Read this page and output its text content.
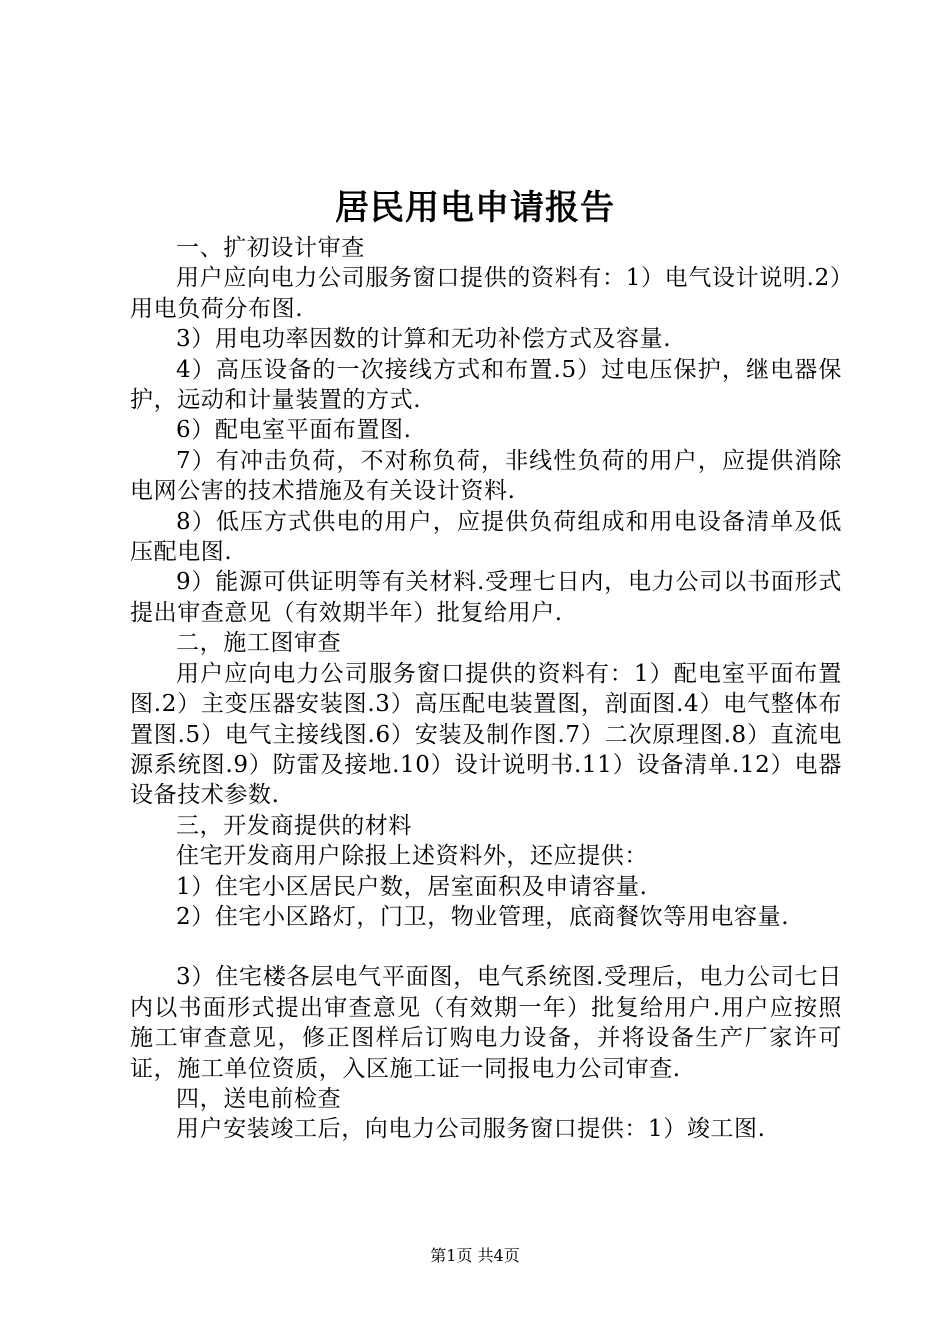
居民用电申请报告

一、扩初设计审查

用户应向电力公司服务窗口提供的资料有：1）电气设计说明.2）用电负荷分布图.

3）用电功率因数的计算和无功补偿方式及容量.

4）高压设备的一次接线方式和布置.5）过电压保护，继电器保护，远动和计量装置的方式.

6）配电室平面布置图.

7）有冲击负荷，不对称负荷，非线性负荷的用户，应提供消除电网公害的技术措施及有关设计资料.

8）低压方式供电的用户，应提供负荷组成和用电设备清单及低压配电图.

9）能源可供证明等有关材料.受理七日内，电力公司以书面形式提出审查意见（有效期半年）批复给用户.

二，施工图审查

用户应向电力公司服务窗口提供的资料有：1）配电室平面布置图.2）主变压器安装图.3）高压配电装置图，剖面图.4）电气整体布置图.5）电气主接线图.6）安装及制作图.7）二次原理图.8）直流电源系统图.9）防雷及接地.10）设计说明书.11）设备清单.12）电器设备技术参数.

三，开发商提供的材料

住宅开发商用户除报上述资料外，还应提供：

1）住宅小区居民户数，居室面积及申请容量.

2）住宅小区路灯，门卫，物业管理，底商餐饮等用电容量.

3）住宅楼各层电气平面图，电气系统图.受理后，电力公司七日内以书面形式提出审查意见（有效期一年）批复给用户.用户应按照施工审查意见，修正图样后订购电力设备，并将设备生产厂家许可证，施工单位资质，入区施工证一同报电力公司审查.

四，送电前检查

用户安装竣工后，向电力公司服务窗口提供：1）竣工图.

第1页 共4页
